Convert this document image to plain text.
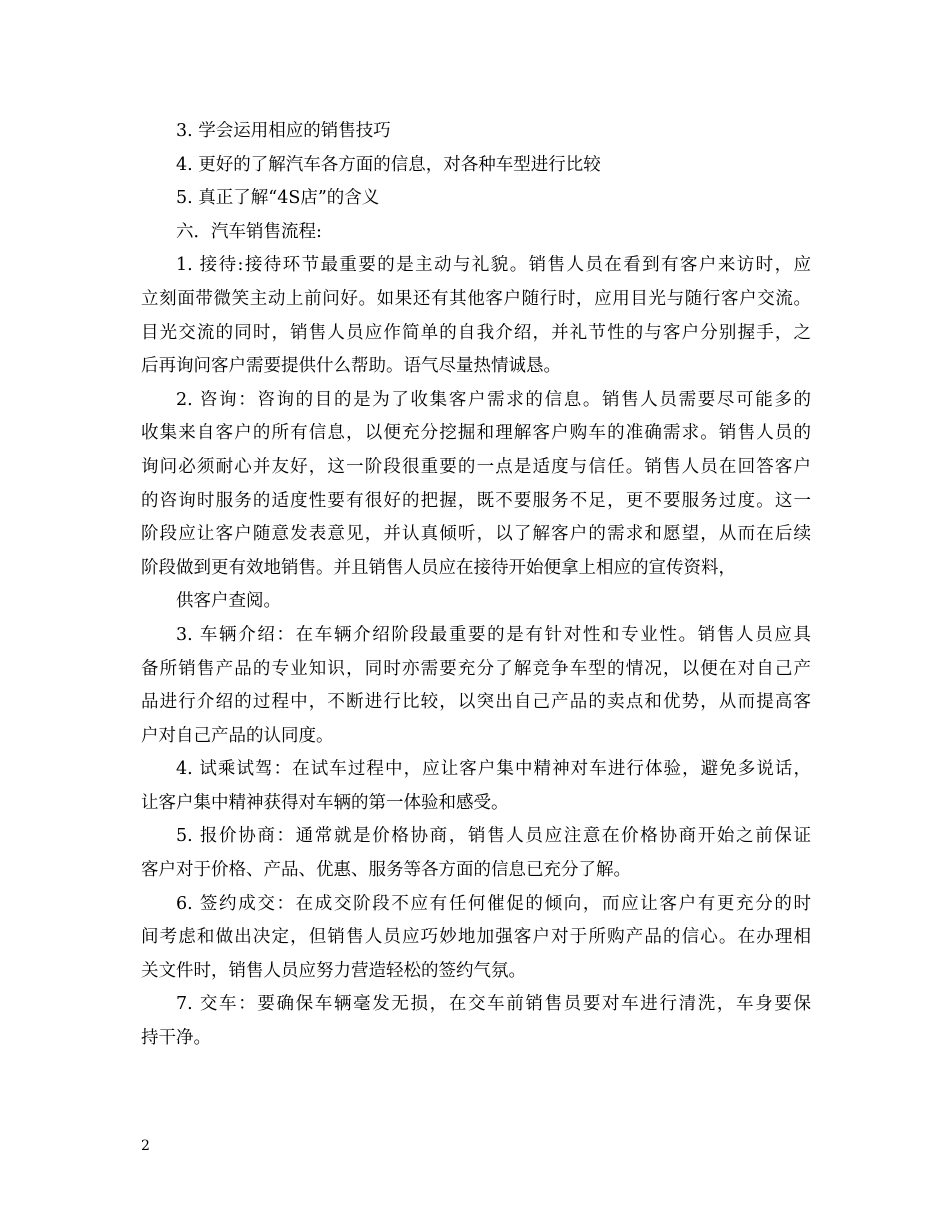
3. 学会运用相应的销售技巧
4. 更好的了解汽车各方面的信息，对各种车型进行比较
5. 真正了解“4S店”的含义
六．汽车销售流程:
1. 接待:接待环节最重要的是主动与礼貌。销售人员在看到有客户来访时，应
立刻面带微笑主动上前问好。如果还有其他客户随行时，应用目光与随行客户交流。
目光交流的同时，销售人员应作简单的自我介绍，并礼节性的与客户分别握手，之
后再询问客户需要提供什么帮助。语气尽量热情诚恳。
2. 咨询：咨询的目的是为了收集客户需求的信息。销售人员需要尽可能多的
收集来自客户的所有信息，以便充分挖掘和理解客户购车的准确需求。销售人员的
询问必须耐心并友好，这一阶段很重要的一点是适度与信任。销售人员在回答客户
的咨询时服务的适度性要有很好的把握，既不要服务不足，更不要服务过度。这一
阶段应让客户随意发表意见，并认真倾听，以了解客户的需求和愿望，从而在后续
阶段做到更有效地销售。并且销售人员应在接待开始便拿上相应的宣传资料，
供客户查阅。
3. 车辆介绍：在车辆介绍阶段最重要的是有针对性和专业性。销售人员应具
备所销售产品的专业知识，同时亦需要充分了解竞争车型的情况，以便在对自己产
品进行介绍的过程中，不断进行比较，以突出自己产品的卖点和优势，从而提高客
户对自己产品的认同度。
4. 试乘试驾：在试车过程中，应让客户集中精神对车进行体验，避免多说话，
让客户集中精神获得对车辆的第一体验和感受。
5. 报价协商：通常就是价格协商，销售人员应注意在价格协商开始之前保证
客户对于价格、产品、优惠、服务等各方面的信息已充分了解。
6. 签约成交：在成交阶段不应有任何催促的倾向，而应让客户有更充分的时
间考虑和做出决定，但销售人员应巧妙地加强客户对于所购产品的信心。在办理相
关文件时，销售人员应努力营造轻松的签约气氛。
7. 交车：要确保车辆毫发无损，在交车前销售员要对车进行清洗，车身要保
持干净。
2
